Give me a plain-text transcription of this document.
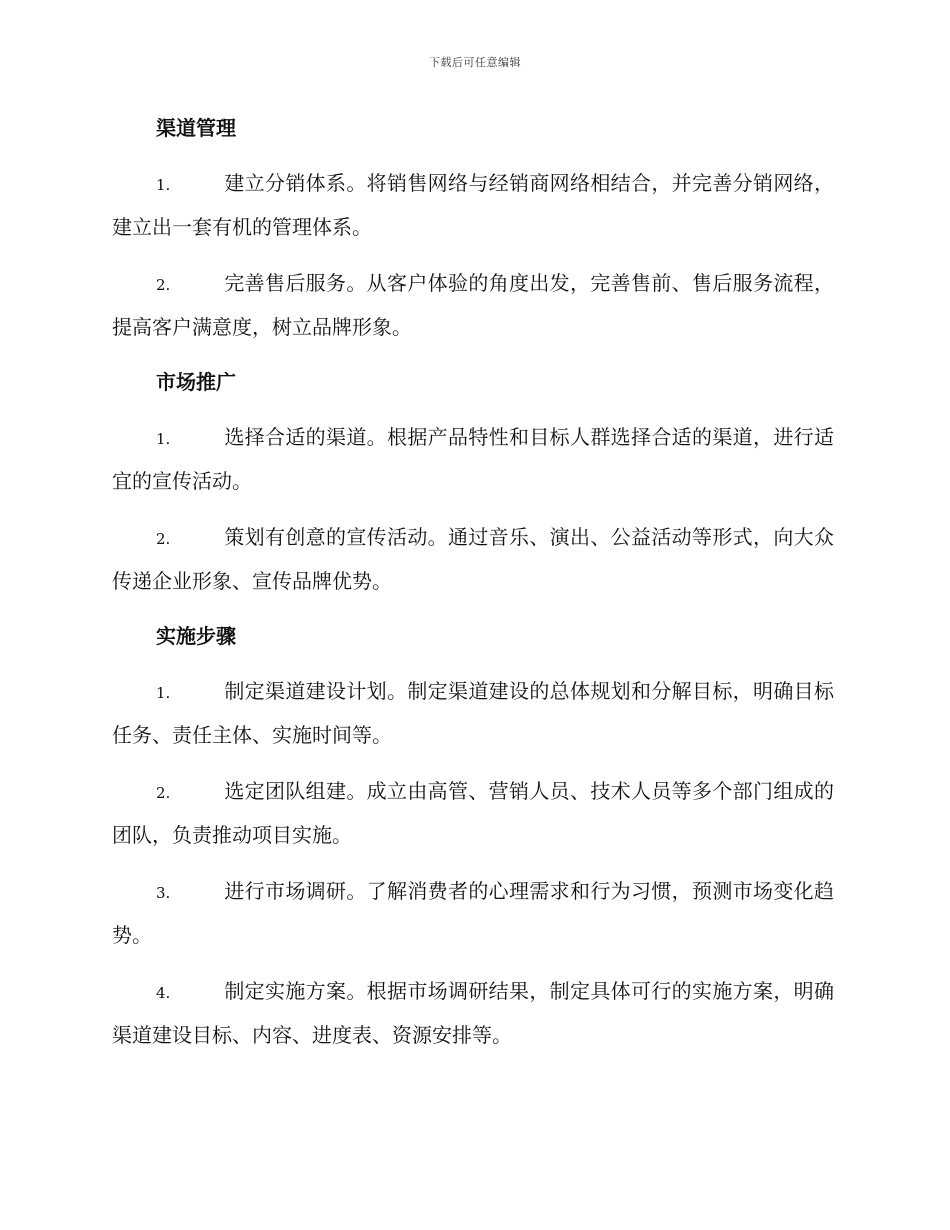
下载后可任意编辑
渠道管理

1.	建立分销体系。将销售网络与经销商网络相结合，并完善分销网络，建立出一套有机的管理体系。

2.	完善售后服务。从客户体验的角度出发，完善售前、售后服务流程，提高客户满意度，树立品牌形象。

市场推广

1.	选择合适的渠道。根据产品特性和目标人群选择合适的渠道，进行适宜的宣传活动。

2.	策划有创意的宣传活动。通过音乐、演出、公益活动等形式，向大众传递企业形象、宣传品牌优势。

实施步骤

1.	制定渠道建设计划。制定渠道建设的总体规划和分解目标，明确目标任务、责任主体、实施时间等。

2.	选定团队组建。成立由高管、营销人员、技术人员等多个部门组成的团队，负责推动项目实施。

3.	进行市场调研。了解消费者的心理需求和行为习惯，预测市场变化趋势。

4.	制定实施方案。根据市场调研结果，制定具体可行的实施方案，明确渠道建设目标、内容、进度表、资源安排等。
